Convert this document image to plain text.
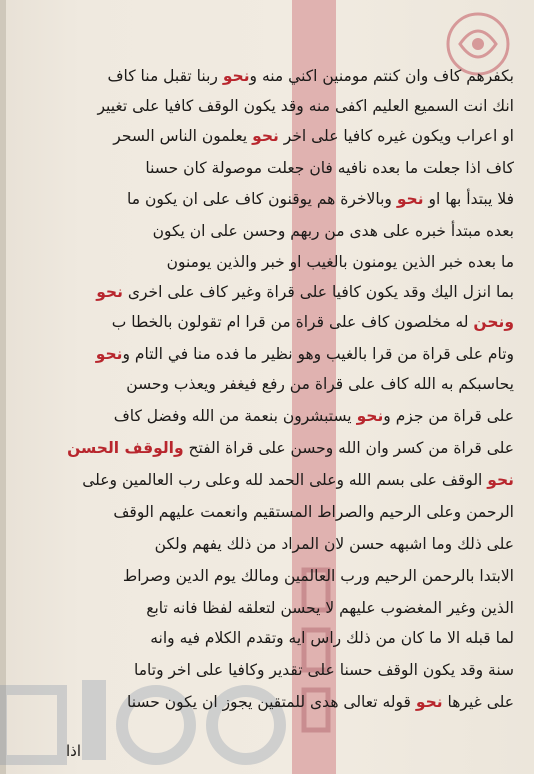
بكفرهم كاف وان كنتم مومنين اكني منه ونحو ربنا تقبل منا كاف
انك انت السميع العليم اكفى منه وقد يكون الوقف كافيا على تغيير
او اعراب ويكون غيره كافيا على اخر نحو يعلمون الناس السحر
كاف اذا جعلت ما بعده نافيه فان جعلت موصولة كان حسنا
فلا يبتدأ بها او نحو وبالاخرة هم يوقنون كاف على ان يكون ما
بعده مبتدأ خبره على هدى من ربهم وحسن على ان يكون
ما بعده خبر الذين يومنون بالغيب او خبر والذين يومنون
بما انزل اليك وقد يكون كافيا على قراة وغير كاف على اخرى نحو
ونحن له مخلصون كاف على قراة من قرا ام تقولون بالخطا ب
وتام على قراة من قرا بالغيب وهو نظير ما فده منا في التام ونحو
يحاسبكم به الله كاف على قراة من رفع فيغفر ويعذب وحسن
على قراة من جزم ونحو يستبشرون بنعمة من الله وفضل كاف
على قراة من كسر وان الله وحسن على قراة الفتح والوقف الحسن
نحو الوقف على بسم الله وعلى الحمد لله وعلى رب العالمين وعلى
الرحمن وعلى الرحيم والصراط المستقيم وانعمت عليهم الوقف
على ذلك وما اشبهه حسن لان المراد من ذلك يفهم ولكن
الابتدا بالرحمن الرحيم ورب العالمين ومالك يوم الدين وصراط
الذين وغير المغضوب عليهم لا يحسن لتعلقه لفظا فانه تابع
لما قبله الا ما كان من ذلك راس ايه وتقدم الكلام فيه وانه
سنة وقد يكون الوقف حسنا على تقدير وكافيا على اخر وتاما
على غيرها نحو قوله تعالى هدى للمتقين يجوز ان يكون حسنا
اذا
